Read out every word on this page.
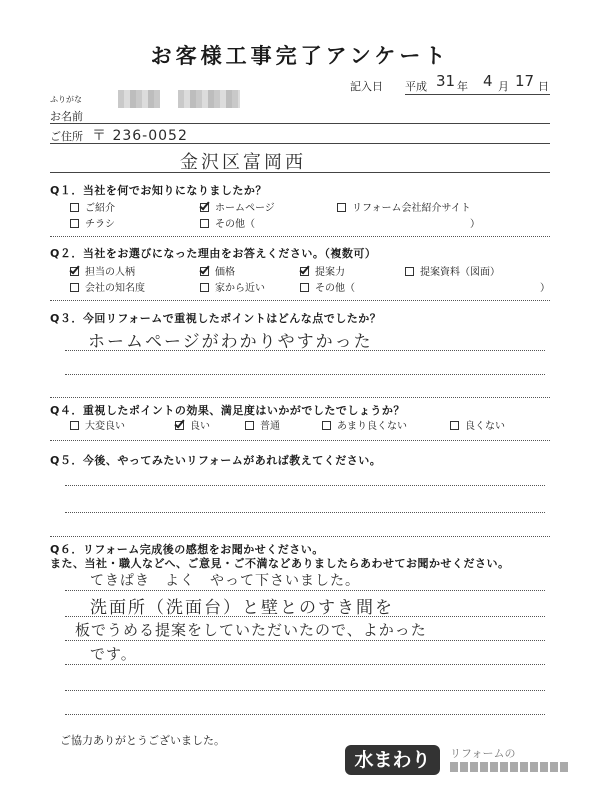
お客様工事完了アンケート
記入日 平成 31 年 4 月 17 日
ふりがな
お名前
ご住所 〒 236-0052
金沢区富岡西
Q１．当社を何でお知りになりましたか？
ご紹介	ホームページ	リフォーム会社紹介サイト
チラシ	その他（	）
Q２．当社をお選びになった理由をお答えください。（複数可）
担当の人柄	価格	提案力	提案資料（図面）
会社の知名度	家から近い	その他（	）
Q３．今回リフォームで重視したポイントはどんな点でしたか？
ホームページがわかりやすかった
Q４．重視したポイントの効果、満足度はいかがでしたでしょうか？
大変良い	良い	普通	あまり良くない	良くない
Q５．今後、やってみたいリフォームがあれば教えてください。
Q６．リフォーム完成後の感想をお聞かせください。
また、当社・職人などへ、ご意見・ご不満などありましたらあわせてお聞かせください。
てきぱき　よく　やって下さいました。
洗面所（洗面台）と壁とのすき間を
板でうめる提案をしていただいたので、よかった
です。
ご協力ありがとうございました。
水まわり	リフォームの
